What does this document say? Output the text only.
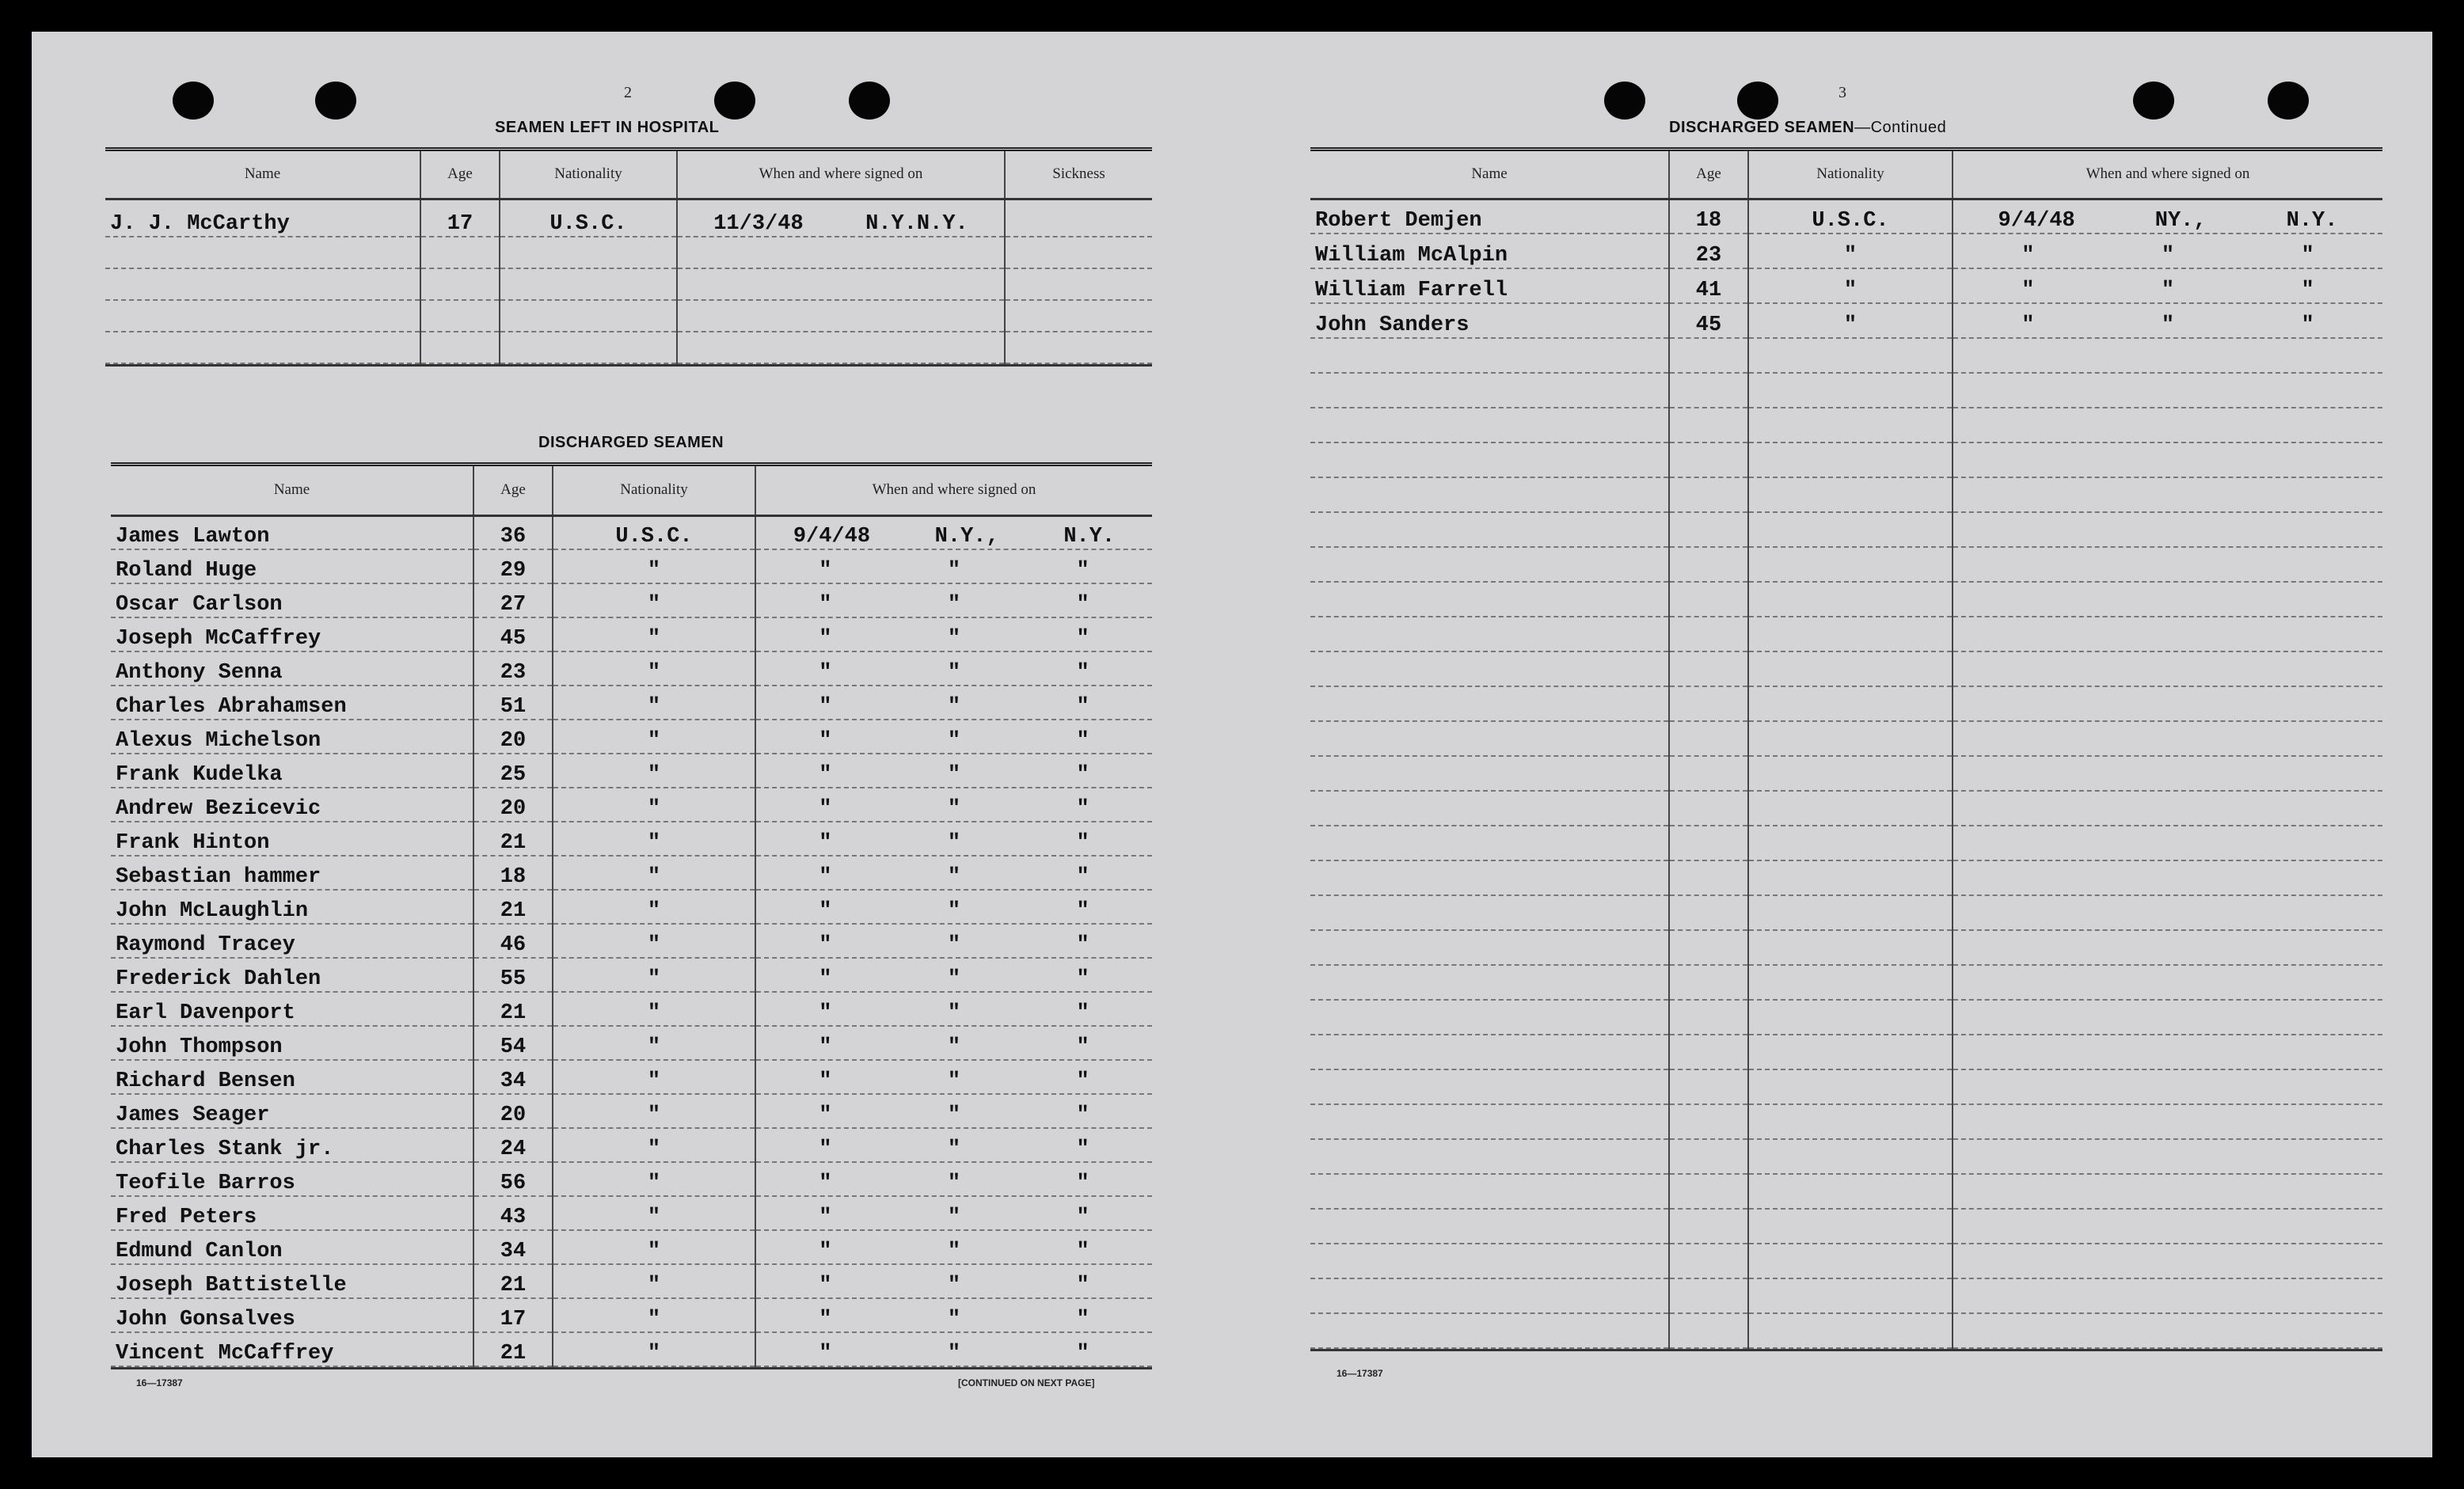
2
SEAMEN LEFT IN HOSPITAL
Name	Age	Nationality	When and where signed on	Sickness
J. J. McCarthy	17	U.S.C.	11/3/48 N.Y.N.Y.	

DISCHARGED SEAMEN
Name	Age	Nationality	When and where signed on
James Lawton	36	U.S.C.	9/4/48 N.Y., N.Y.

Roland Huge	29	"	" " "

Oscar Carlson	27	"	" " "

Joseph McCaffrey	45	"	" " "

Anthony Senna	23	"	" " "

Charles Abrahamsen	51	"	" " "

Alexus Michelson	20	"	" " "

Frank Kudelka	25	"	" " "

Andrew Bezicevic	20	"	" " "

Frank Hinton	21	"	" " "

Sebastian hammer	18	"	" " "

John McLaughlin	21	"	" " "

Raymond Tracey	46	"	" " "

Frederick Dahlen	55	"	" " "

Earl Davenport	21	"	" " "

John Thompson	54	"	" " "

Richard Bensen	34	"	" " "

James Seager	20	"	" " "

Charles Stank jr.	24	"	" " "

Teofile Barros	56	"	" " "

Fred Peters	43	"	" " "

Edmund Canlon	34	"	" " "

Joseph Battistelle	21	"	" " "

John Gonsalves	17	"	" " "

Vincent McCaffrey	21	"	" " "
16—17387	[CONTINUED ON NEXT PAGE]
3
DISCHARGED SEAMEN—Continued
Name	Age	Nationality	When and where signed on
Robert Demjen	18	U.S.C.	9/4/48 NY., N.Y.

William McAlpin	23	"	" " "

William Farrell	41	"	" " "

John Sanders	45	"	" " "

16—17387
